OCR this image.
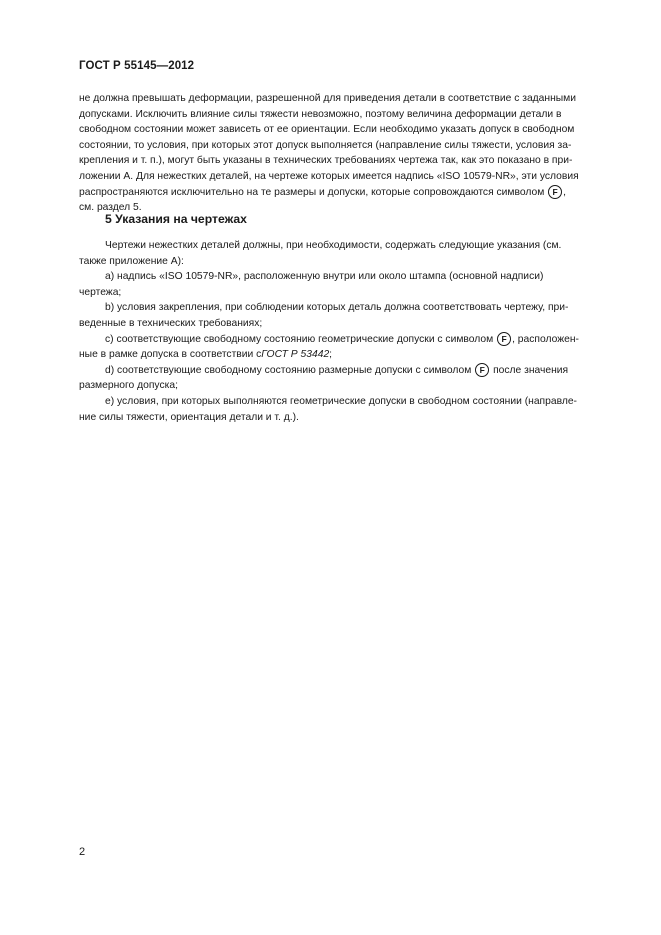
ГОСТ Р 55145—2012
не должна превышать деформации, разрешенной для приведения детали в соответствие с заданными
допусками. Исключить влияние силы тяжести невозможно, поэтому величина деформации детали в
свободном состоянии может зависеть от ее ориентации. Если необходимо указать допуск в свободном
состоянии, то условия, при которых этот допуск выполняется (направление силы тяжести, условия за-
крепления и т. п.), могут быть указаны в технических требованиях чертежа так, как это показано в при-
ложении А. Для нежестких деталей, на чертеже которых имеется надпись «ISO 10579-NR», эти условия
распространяются исключительно на те размеры и допуски, которые сопровождаются символом
F ,
см. раздел 5.
5 Указания на чертежах
Чертежи нежестких деталей должны, при необходимости, содержать следующие указания (см.
также приложение А):
a) надпись «ISO 10579-NR», расположенную внутри или около штампа (основной надписи)
чертежа;
b) условия закрепления, при соблюдении которых деталь должна соответствовать чертежу, при-
веденные в технических требованиях;
c) соответствующие свободному состоянию геометрические допуски с символом
F , расположен-
ные в рамке допуска в соответствии с ГОСТ Р 53442 ;
d) соответствующие свободному состоянию размерные допуски с символом
F
после значения
размерного допуска;
e) условия, при которых выполняются геометрические допуски в свободном состоянии (направле-
ние силы тяжести, ориентация детали и т. д.).
2
